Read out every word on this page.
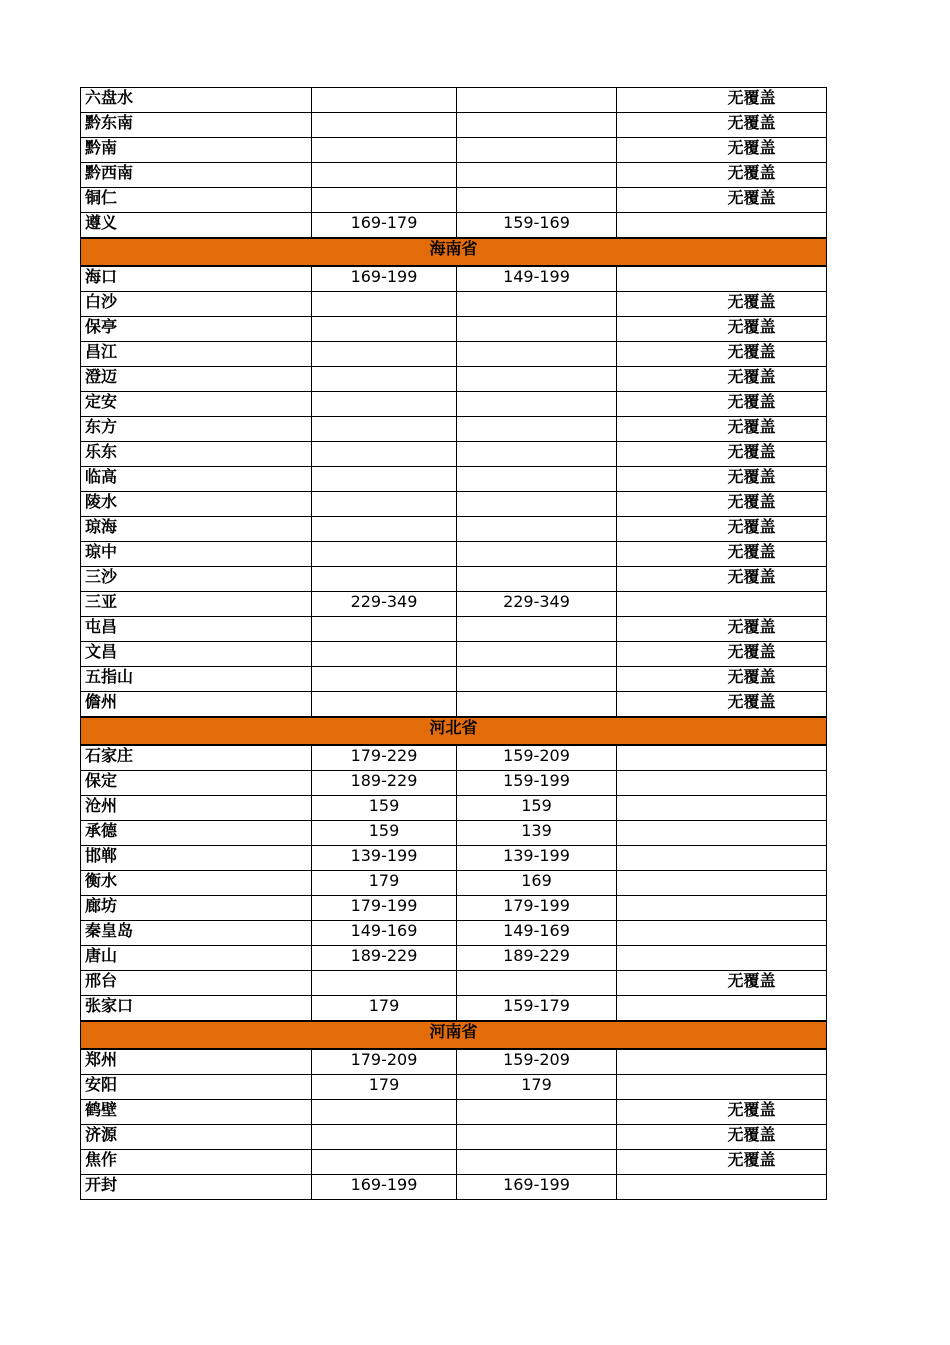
六盘水			无覆盖
黔东南			无覆盖
黔南			无覆盖
黔西南			无覆盖
铜仁			无覆盖
遵义	169-179	159-169	
海南省			
海口	169-199	149-199	
白沙			无覆盖
保亭			无覆盖
昌江			无覆盖
澄迈			无覆盖
定安			无覆盖
东方			无覆盖
乐东			无覆盖
临高			无覆盖
陵水			无覆盖
琼海			无覆盖
琼中			无覆盖
三沙			无覆盖
三亚	229-349	229-349	
屯昌			无覆盖
文昌			无覆盖
五指山			无覆盖
儋州			无覆盖
河北省			
石家庄	179-229	159-209	
保定	189-229	159-199	
沧州	159	159	
承德	159	139	
邯郸	139-199	139-199	
衡水	179	169	
廊坊	179-199	179-199	
秦皇岛	149-169	149-169	
唐山	189-229	189-229	
邢台			无覆盖
张家口	179	159-179	
河南省			
郑州	179-209	159-209	
安阳	179	179	
鹤壁			无覆盖
济源			无覆盖
焦作			无覆盖
开封	169-199	169-199	
